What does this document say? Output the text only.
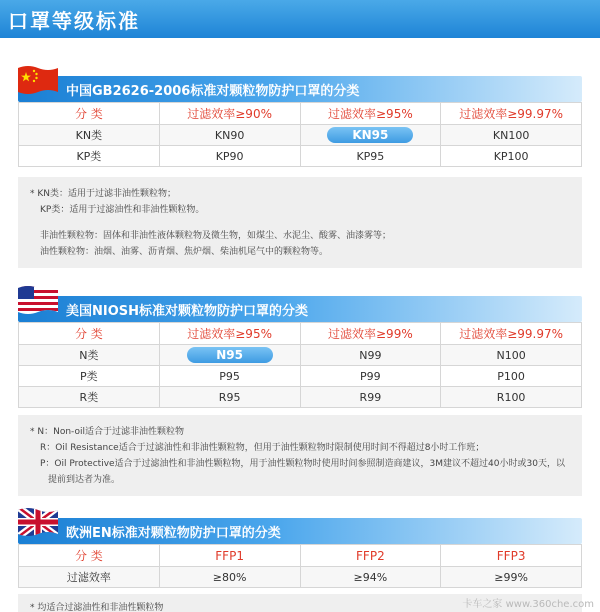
口罩等级标准
中国GB2626-2006标准对颗粒物防护口罩的分类
分 类	过滤效率≥90%	过滤效率≥95%	过滤效率≥99.97%
KN类	KN90	KN95	KN100
KP类	KP90	KP95	KP100
* KN类：适用于过滤非油性颗粒物；
KP类：适用于过滤油性和非油性颗粒物。
非油性颗粒物：固体和非油性液体颗粒物及微生物，如煤尘、水泥尘、酸雾、油漆雾等；
油性颗粒物：油烟、油雾、沥青烟、焦炉烟、柴油机尾气中的颗粒物等。
美国NIOSH标准对颗粒物防护口罩的分类
分 类	过滤效率≥95%	过滤效率≥99%	过滤效率≥99.97%
N类	N95	N99	N100
P类	P95	P99	P100
R类	R95	R99	R100
* N：Non-oil适合于过滤非油性颗粒物
R：Oil Resistance适合于过滤油性和非油性颗粒物，但用于油性颗粒物时限制使用时间不得超过8小时工作班；
P：Oil Protective适合于过滤油性和非油性颗粒物，用于油性颗粒物时使用时间参照制造商建议，3M建议不超过40小时或30天，以
提前到达者为准。
欧洲EN标准对颗粒物防护口罩的分类
分 类	FFP1	FFP2	FFP3
过滤效率	≥80%	≥94%	≥99%
* 均适合过滤油性和非油性颗粒物	卡车之家 www.360che.com
